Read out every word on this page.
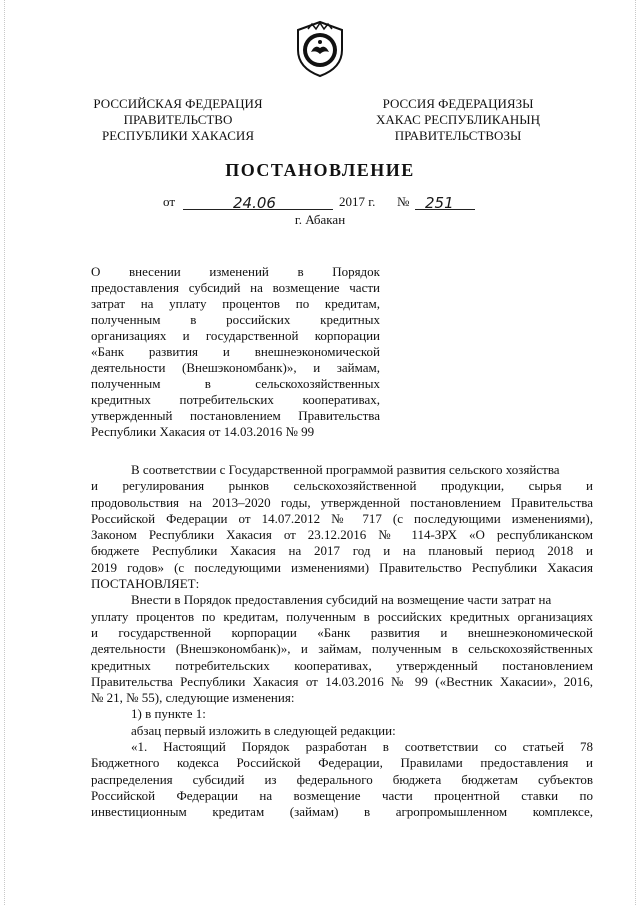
РОССИЙСКАЯ ФЕДЕРАЦИЯ
ПРАВИТЕЛЬСТВО
РЕСПУБЛИКИ ХАКАСИЯ
РОССИЯ ФЕДЕРАЦИЯЗЫ
ХАКАС РЕСПУБЛИКАНЫҢ
ПРАВИТЕЛЬСТВОЗЫ
ПОСТАНОВЛЕНИЕ
от	24.06	2017 г. № 251
г. Абакан
О внесении изменений в Порядок
предоставления субсидий на возмещение части
затрат на уплату процентов по кредитам,
полученным в российских кредитных
организациях и государственной корпорации
«Банк развития и внешнеэкономической
деятельности (Внешэкономбанк)», и займам,
полученным в сельскохозяйственных
кредитных потребительских кооперативах,
утвержденный постановлением Правительства
Республики Хакасия от 14.03.2016 № 99
В соответствии с Государственной программой развития сельского хозяйства
и регулирования рынков сельскохозяйственной продукции, сырья и
продовольствия на 2013–2020 годы, утвержденной постановлением Правительства
Российской Федерации от 14.07.2012 № 717 (с последующими изменениями),
Законом Республики Хакасия от 23.12.2016 № 114-ЗРХ «О республиканском
бюджете Республики Хакасия на 2017 год и на плановый период 2018 и
2019 годов» (с последующими изменениями) Правительство Республики Хакасия
ПОСТАНОВЛЯЕТ:
Внести в Порядок предоставления субсидий на возмещение части затрат на
уплату процентов по кредитам, полученным в российских кредитных организациях
и государственной корпорации «Банк развития и внешнеэкономической
деятельности (Внешэкономбанк)», и займам, полученным в сельскохозяйственных
кредитных потребительских кооперативах, утвержденный постановлением
Правительства Республики Хакасия от 14.03.2016 № 99 («Вестник Хакасии», 2016,
№ 21, № 55), следующие изменения:
1) в пункте 1:
абзац первый изложить в следующей редакции:
«1. Настоящий Порядок разработан в соответствии со статьей 78
Бюджетного кодекса Российской Федерации, Правилами предоставления и
распределения субсидий из федерального бюджета бюджетам субъектов
Российской Федерации на возмещение части процентной ставки по
инвестиционным кредитам (займам) в агропромышленном комплексе,
